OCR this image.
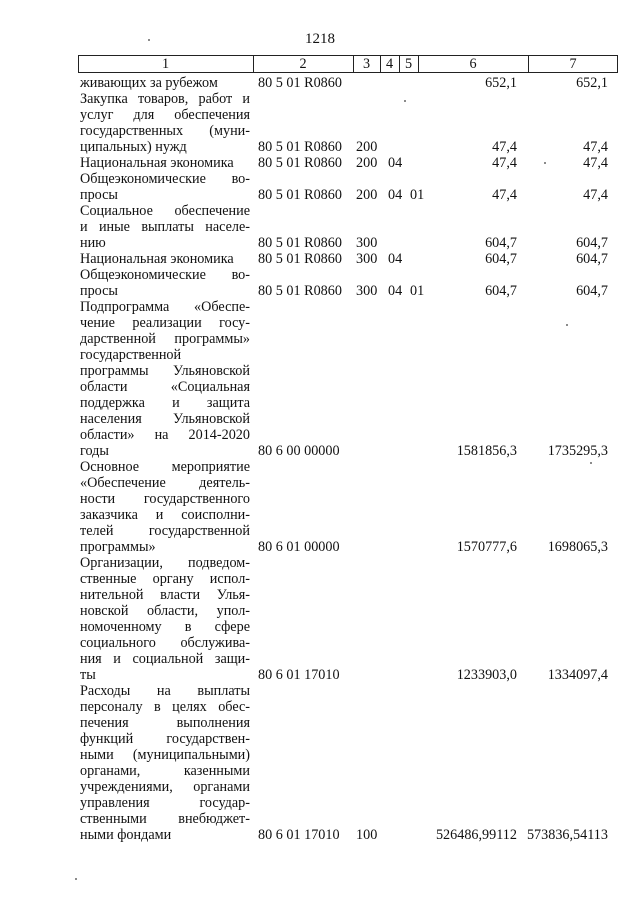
1218
1	2	3	4 5	6	7
живающих за рубежом	80 5 01 R0860	652,1	652,1
Закупка товаров, работ и
услуг для обеспечения
государственных (муни-
ципальных) нужд	80 5 01 R0860 200	47,4	47,4
Национальная экономика	80 5 01 R0860 200 04	47,4	47,4
Общеэкономические во-
просы	80 5 01 R0860 200 04 01	47,4	47,4
Социальное обеспечение
и иные выплаты населе-
нию	80 5 01 R0860 300	604,7	604,7
Национальная экономика	80 5 01 R0860 300 04	604,7	604,7
Общеэкономические во-
просы	80 5 01 R0860 300 04 01	604,7	604,7
Подпрограмма «Обеспе-
чение реализации госу-
дарственной программы»
государственной
программы Ульяновской
области «Социальная
поддержка и защита
населения Ульяновской
области» на 2014-2020
годы	80 6 00 00000	1581856,3 1735295,3
Основное мероприятие
«Обеспечение деятель-
ности государственного
заказчика и соисполни-
телей государственной
программы»	80 6 01 00000	1570777,6 1698065,3
Организации, подведом-
ственные органу испол-
нительной власти Улья-
новской области, упол-
номоченному в сфере
социального обслужива-
ния и социальной защи-
ты	80 6 01 17010	1233903,0 1334097,4
Расходы на выплаты
персоналу в целях обес-
печения выполнения
функций государствен-
ными (муниципальными)
органами, казенными
учреждениями, органами
управления государ-
ственными внебюджет-
ными фондами	80 6 01 17010 100	526486,99112 573836,54113
